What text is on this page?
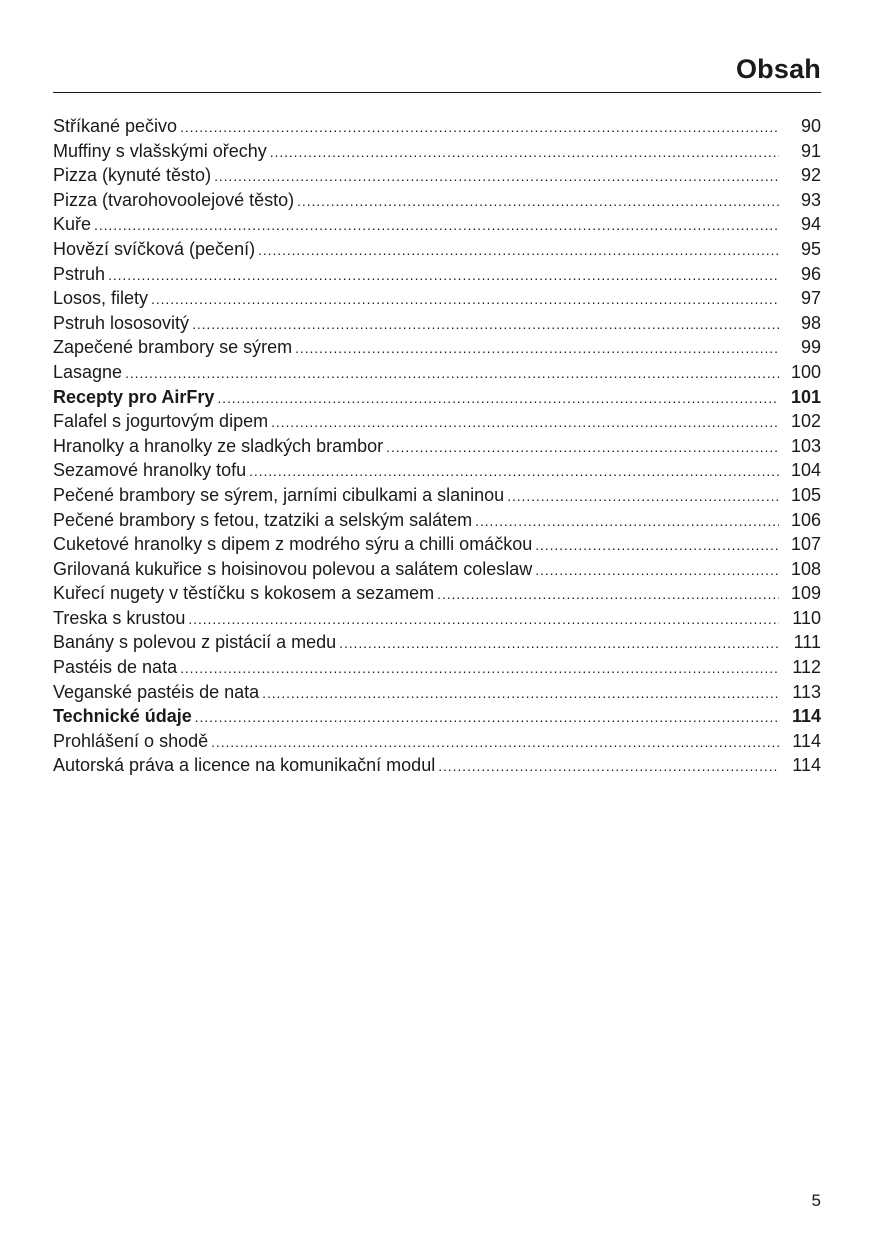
Obsah
Stříkané pečivo .....	90
Muffiny s vlašskými ořechy .....	91
Pizza (kynuté těsto) .....	92
Pizza (tvarohovoolejové těsto) .....	93
Kuře .....	94
Hovězí svíčková (pečení) .....	95
Pstruh .....	96
Losos, filety .....	97
Pstruh lososovitý .....	98
Zapečené brambory se sýrem .....	99
Lasagne .....	100
Recepty pro AirFry .....	101
Falafel s jogurtovým dipem .....	102
Hranolky a hranolky ze sladkých brambor .....	103
Sezamové hranolky tofu .....	104
Pečené brambory se sýrem, jarními cibulkami a slaninou .....	105
Pečené brambory s fetou, tzatziki a selským salátem .....	106
Cuketové hranolky s dipem z modrého sýru a chilli omáčkou .....	107
Grilovaná kukuřice s hoisinovou polevou a salátem coleslaw .....	108
Kuřecí nugety v těstíčku s kokosem a sezamem .....	109
Treska s krustou .....	110
Banány s polevou z pistácií a medu .....	111
Pastéis de nata .....	112
Veganské pastéis de nata .....	113
Technické údaje .....	114
Prohlášení o shodě .....	114
Autorská práva a licence na komunikační modul .....	114
5
